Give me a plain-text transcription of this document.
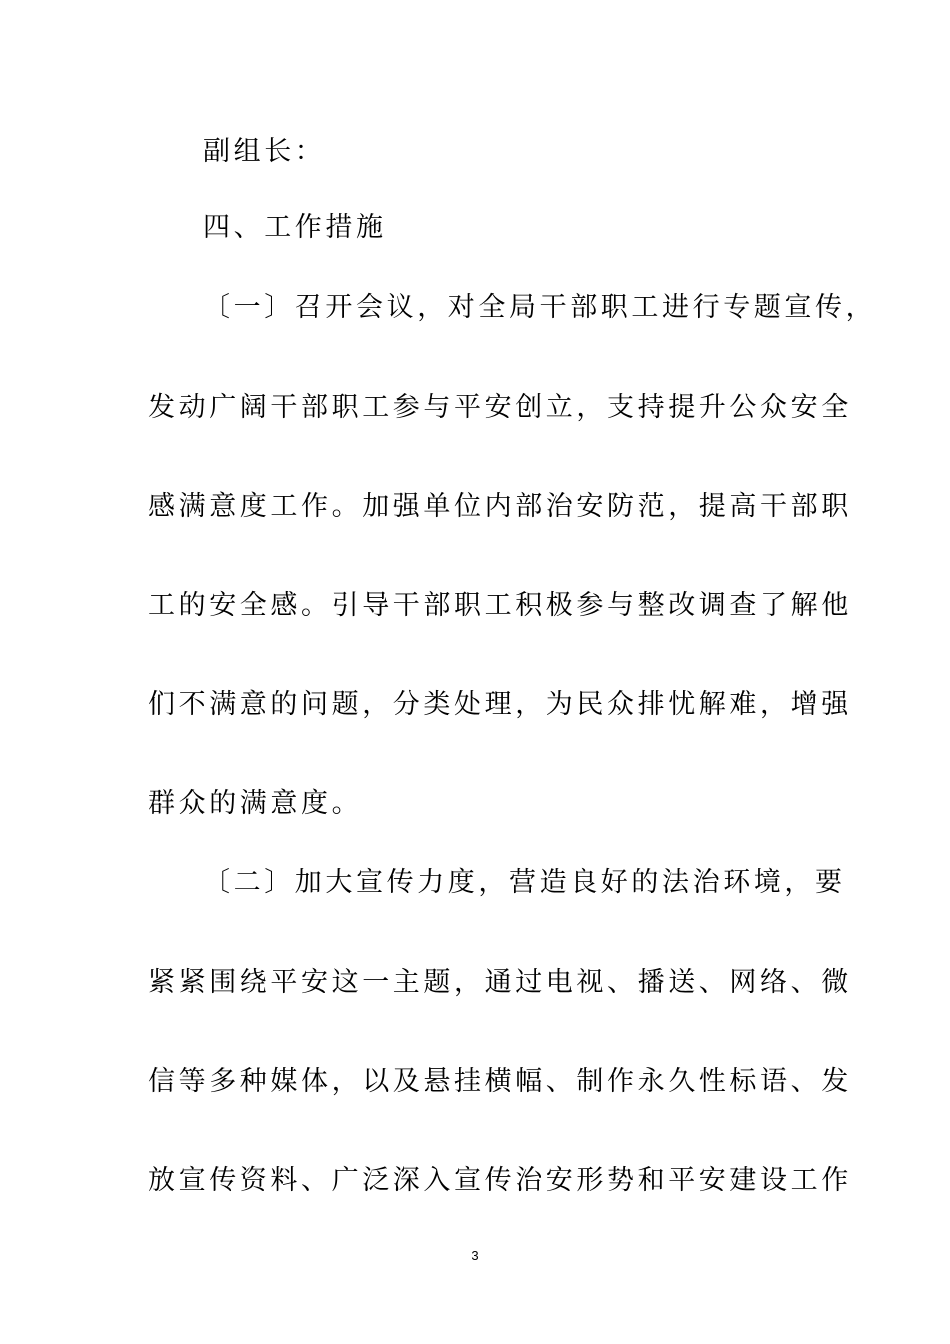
副组长：
四、工作措施
〔一〕召开会议，对全局干部职工进行专题宣传，
发动广阔干部职工参与平安创立，支持提升公众安全
感满意度工作。加强单位内部治安防范，提高干部职
工的安全感。引导干部职工积极参与整改调查了解他
们不满意的问题，分类处理，为民众排忧解难，增强
群众的满意度。
〔二〕加大宣传力度，营造良好的法治环境，要
紧紧围绕平安这一主题，通过电视、播送、网络、微
信等多种媒体，以及悬挂横幅、制作永久性标语、发
放宣传资料、广泛深入宣传治安形势和平安建设工作
3
